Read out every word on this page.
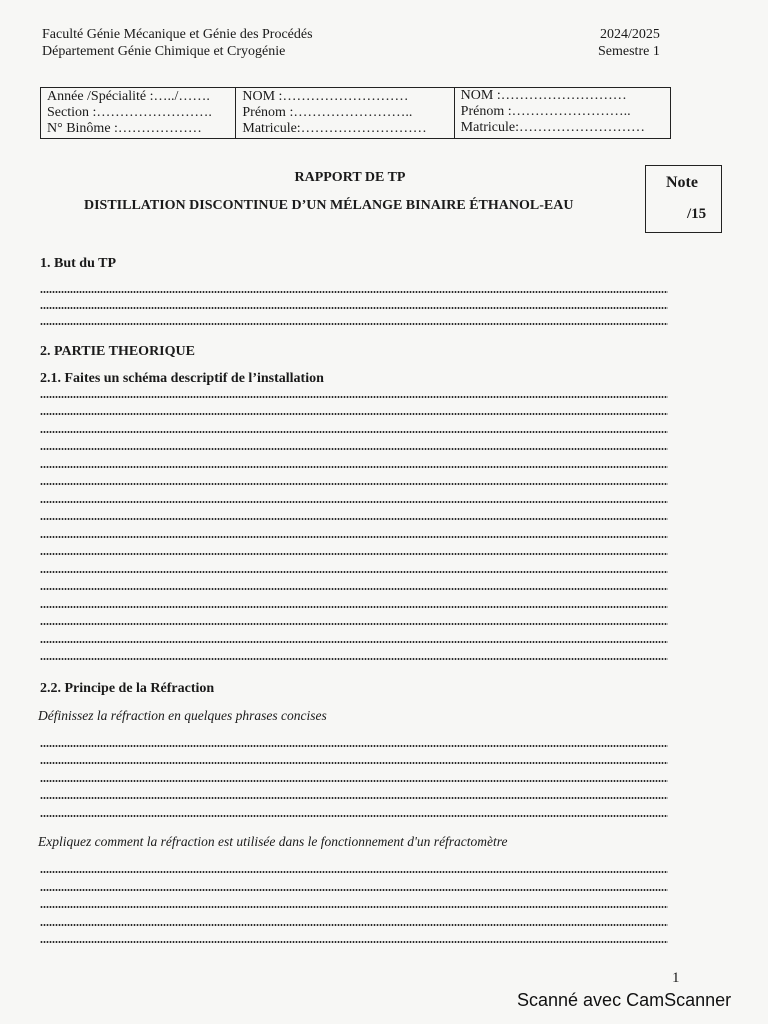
Faculté Génie Mécanique et Génie des Procédés
Département Génie Chimique et Cryogénie
2024/2025
Semestre 1
Année /Spécialité :…../…….
Section :…………………….
N° Binôme :………………

NOM :………………………
Prénom :……………………..
Matricule:………………………

NOM :………………………
Prénom :……………………..
Matricule:………………………
RAPPORT DE TP
DISTILLATION DISCONTINUE D’UN MÉLANGE BINAIRE ÉTHANOL-EAU
Note
/15
1. But du TP
2. PARTIE THEORIQUE
2.1. Faites un schéma descriptif de l’installation
2.2. Principe de la Réfraction
Définissez la réfraction en quelques phrases concises
Expliquez comment la réfraction est utilisée dans le fonctionnement d'un réfractomètre
1
Scanné avec CamScanner
